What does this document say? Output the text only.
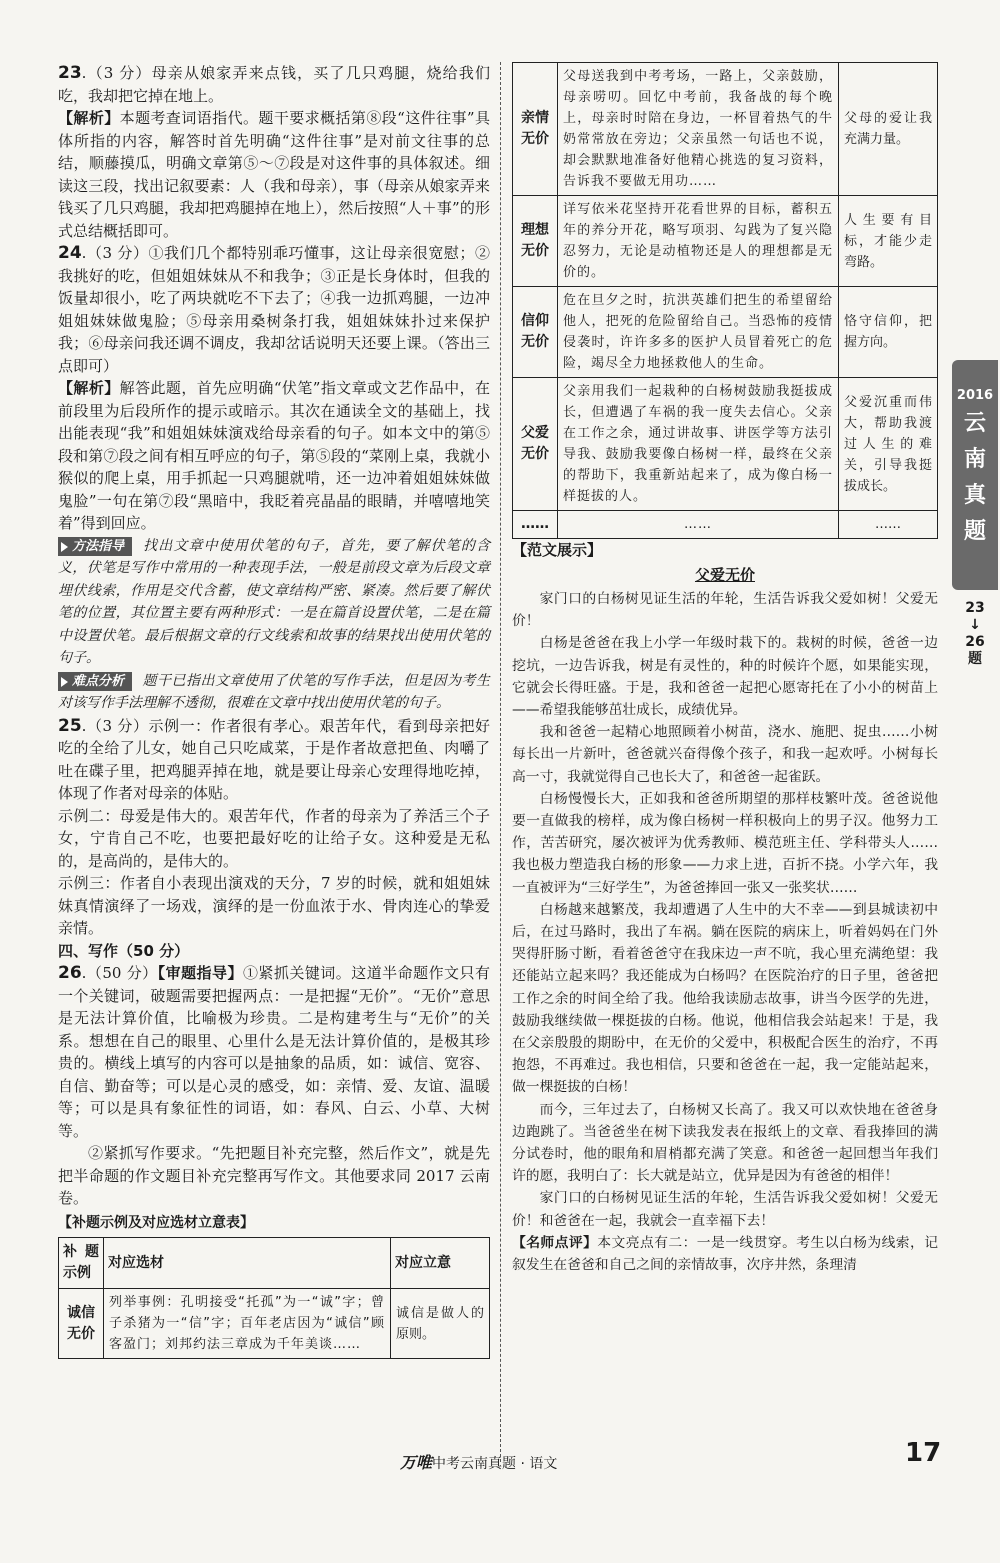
23.（3 分）母亲从娘家弄来点钱，买了几只鸡腿，烧给我们吃，我却把它掉在地上。

【解析】本题考查词语指代。题干要求概括第⑧段“这件往事”具体所指的内容，解答时首先明确“这件往事”是对前文往事的总结，顺藤摸瓜，明确文章第⑤～⑦段是对这件事的具体叙述。细读这三段，找出记叙要素：人（我和母亲），事（母亲从娘家弄来钱买了几只鸡腿，我却把鸡腿掉在地上），然后按照“人＋事”的形式总结概括即可。

24.（3 分）①我们几个都特别乖巧懂事，这让母亲很宽慰；②我挑好的吃，但姐姐妹妹从不和我争；③正是长身体时，但我的饭量却很小，吃了两块就吃不下去了；④我一边抓鸡腿，一边冲姐姐妹妹做鬼脸；⑤母亲用桑树条打我，姐姐妹妹扑过来保护我；⑥母亲问我还调不调皮，我却岔话说明天还要上课。（答出三点即可）

【解析】解答此题，首先应明确“伏笔”指文章或文艺作品中，在前段里为后段所作的提示或暗示。其次在通读全文的基础上，找出能表现“我”和姐姐妹妹演戏给母亲看的句子。如本文中的第⑤段和第⑦段之间有相互呼应的句子，第⑤段的“菜刚上桌，我就小猴似的爬上桌，用手抓起一只鸡腿就啃，还一边冲着姐姐妹妹做鬼脸”一句在第⑦段“黑暗中，我眨着亮晶晶的眼睛，并嘻嘻地笑着”得到回应。

方法指导 找出文章中使用伏笔的句子，首先，要了解伏笔的含义，伏笔是写作中常用的一种表现手法，一般是前段文章为后段文章埋伏线索，作用是交代含蓄，使文章结构严密、紧凑。然后要了解伏笔的位置，其位置主要有两种形式：一是在篇首设置伏笔，二是在篇中设置伏笔。最后根据文章的行文线索和故事的结果找出使用伏笔的句子。

难点分析 题干已指出文章使用了伏笔的写作手法，但是因为考生对该写作手法理解不透彻，很难在文章中找出使用伏笔的句子。

25.（3 分）示例一：作者很有孝心。艰苦年代，看到母亲把好吃的全给了儿女，她自己只吃咸菜，于是作者故意把鱼、肉嚼了吐在碟子里，把鸡腿弄掉在地，就是要让母亲心安理得地吃掉，体现了作者对母亲的体贴。

示例二：母爱是伟大的。艰苦年代，作者的母亲为了养活三个子女，宁肯自己不吃，也要把最好吃的让给子女。这种爱是无私的，是高尚的，是伟大的。

示例三：作者自小表现出演戏的天分，7 岁的时候，就和姐姐妹妹真情演绎了一场戏，演绎的是一份血浓于水、骨肉连心的挚爱亲情。

四、写作（50 分）

26.（50 分）【审题指导】①紧抓关键词。这道半命题作文只有一个关键词，破题需要把握两点：一是把握“无价”。“无价”意思是无法计算价值，比喻极为珍贵。二是构建考生与“无价”的关系。想想在自己的眼里、心里什么是无法计算价值的，是极其珍贵的。横线上填写的内容可以是抽象的品质，如：诚信、宽容、自信、勤奋等；可以是心灵的感受，如：亲情、爱、友谊、温暖等；可以是具有象征性的词语，如：春风、白云、小草、大树等。

②紧抓写作要求。“先把题目补充完整，然后作文”，就是先把半命题的作文题目补充完整再写作文。其他要求同 2017 云南卷。

【补题示例及对应选材立意表】

补题示例	对应选材	对应立意
诚信无价	列举事例：孔明接受“托孤”为一“诚”字；曾子杀猪为一“信”字；百年老店因为“诚信”顾客盈门；刘邦约法三章成为千年美谈……	诚信是做人的原则。
亲情无价	父母送我到中考考场，一路上，父亲鼓励，母亲唠叨。回忆中考前，我备战的每个晚上，母亲时时陪在身边，一杯冒着热气的牛奶常常放在旁边；父亲虽然一句话也不说，却会默默地准备好他精心挑选的复习资料，告诉我不要做无用功……	父母的爱让我充满力量。
理想无价	详写依米花坚持开花看世界的目标，蓄积五年的养分开花，略写项羽、勾践为了复兴隐忍努力，无论是动植物还是人的理想都是无价的。	人生要有目标，才能少走弯路。
信仰无价	危在旦夕之时，抗洪英雄们把生的希望留给他人，把死的危险留给自己。当恐怖的疫情侵袭时，许许多多的医护人员冒着死亡的危险，竭尽全力地拯救他人的生命。	恪守信仰，把握方向。
父爱无价	父亲用我们一起栽种的白杨树鼓励我挺拔成长，但遭遇了车祸的我一度失去信心。父亲在工作之余，通过讲故事、讲医学等方法引导我、鼓励我要像白杨树一样，最终在父亲的帮助下，我重新站起来了，成为像白杨一样挺拔的人。	父爱沉重而伟大，帮助我渡过人生的难关，引导我挺拔成长。
……	……	……

【范文展示】

父爱无价

家门口的白杨树见证生活的年轮，生活告诉我父爱如树！父爱无价！

白杨是爸爸在我上小学一年级时栽下的。栽树的时候，爸爸一边挖坑，一边告诉我，树是有灵性的，种的时候许个愿，如果能实现，它就会长得旺盛。于是，我和爸爸一起把心愿寄托在了小小的树苗上——希望我能够茁壮成长，成绩优异。

我和爸爸一起精心地照顾着小树苗，浇水、施肥、捉虫……小树每长出一片新叶，爸爸就兴奋得像个孩子，和我一起欢呼。小树每长高一寸，我就觉得自己也长大了，和爸爸一起雀跃。

白杨慢慢长大，正如我和爸爸所期望的那样枝繁叶茂。爸爸说他要一直做我的榜样，成为像白杨树一样积极向上的男子汉。他努力工作，苦苦研究，屡次被评为优秀教师、模范班主任、学科带头人……我也极力塑造我白杨的形象——力求上进，百折不挠。小学六年，我一直被评为“三好学生”，为爸爸捧回一张又一张奖状……

白杨越来越繁茂，我却遭遇了人生中的大不幸——到县城读初中后，在过马路时，我出了车祸。躺在医院的病床上，听着妈妈在门外哭得肝肠寸断，看着爸爸守在我床边一声不吭，我心里充满绝望：我还能站立起来吗？我还能成为白杨吗？在医院治疗的日子里，爸爸把工作之余的时间全给了我。他给我读励志故事，讲当今医学的先进，鼓励我继续做一棵挺拔的白杨。他说，他相信我会站起来！于是，我在父亲殷殷的期盼中，在无价的父爱中，积极配合医生的治疗，不再抱怨，不再难过。我也相信，只要和爸爸在一起，我一定能站起来，做一棵挺拔的白杨！

而今，三年过去了，白杨树又长高了。我又可以欢快地在爸爸身边跑跳了。当爸爸坐在树下读我发表在报纸上的文章、看我捧回的满分试卷时，他的眼角和眉梢都充满了笑意。和爸爸一起回想当年我们许的愿，我明白了：长大就是站立，优异是因为有爸爸的相伴！

家门口的白杨树见证生活的年轮，生活告诉我父爱如树！父爱无价！和爸爸在一起，我就会一直幸福下去！

【名师点评】本文亮点有二：一是一线贯穿。考生以白杨为线索，记叙发生在爸爸和自己之间的亲情故事，次序井然，条理清

2016
云
南
真
题
23
↓
26
题
万唯中考云南真题 · 语文	17
